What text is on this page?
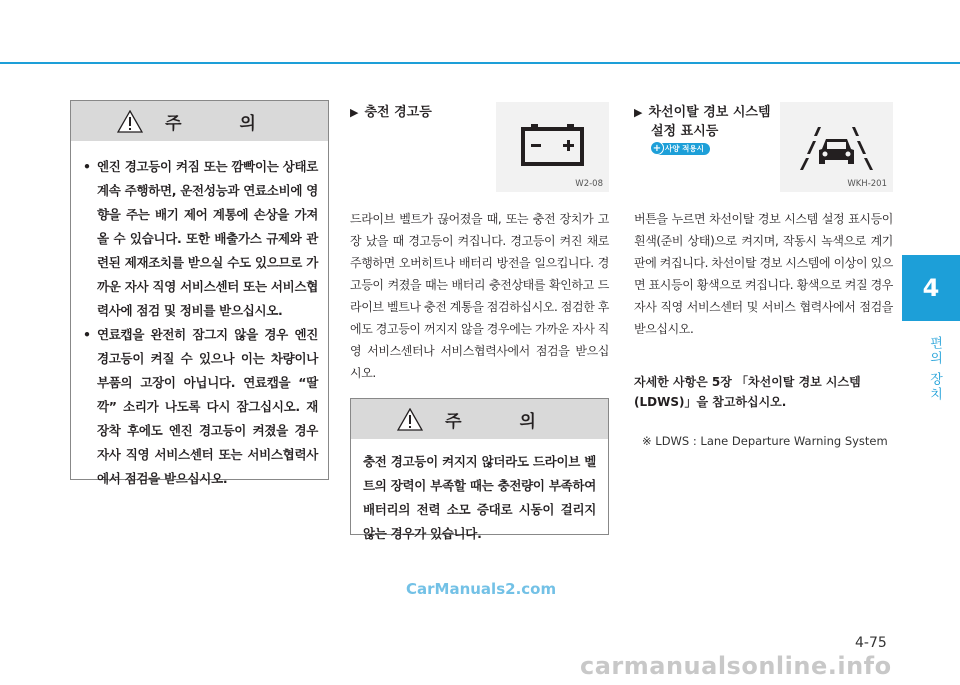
주 의
• 엔진 경고등이 켜짐 또는 깜빡이는 상태로 계속 주행하면, 운전성능과 연료소비에 영향을 주는 배기 제어 계통에 손상을 가져올 수 있습니다. 또한 배출가스 규제와 관련된 제재조치를 받으실 수도 있으므로 가까운 자사 직영 서비스센터 또는 서비스협력사에 점검 및 정비를 받으십시오.
• 연료캡을 완전히 잠그지 않을 경우 엔진 경고등이 켜질 수 있으나 이는 차량이나 부품의 고장이 아닙니다. 연료캡을 “딸깍” 소리가 나도록 다시 잠그십시오. 재 장착 후에도 엔진 경고등이 켜졌을 경우 자사 직영 서비스센터 또는 서비스협력사에서 점검을 받으십시오.
▶ 충전 경고등
W2-08
드라이브 벨트가 끊어졌을 때, 또는 충전 장치가 고장 났을 때 경고등이 켜집니다. 경고등이 켜진 채로 주행하면 오버히트나 배터리 방전을 일으킵니다. 경고등이 켜졌을 때는 배터리 충전상태를 확인하고 드라이브 벨트나 충전 계통을 점검하십시오. 점검한 후에도 경고등이 꺼지지 않을 경우에는 가까운 자사 직영 서비스센터나 서비스협력사에서 점검을 받으십시오.
주 의
충전 경고등이 켜지지 않더라도 드라이브 벨트의 장력이 부족할 때는 충전량이 부족하여 배터리의 전력 소모 증대로 시동이 걸리지 않는 경우가 있습니다.
▶ 차선이탈 경보 시스템
설정 표시등
+ 사양 적용시
WKH-201
버튼을 누르면 차선이탈 경보 시스템 설정 표시등이 흰색(준비 상태)으로 켜지며, 작동시 녹색으로 계기판에 켜집니다. 차선이탈 경보 시스템에 이상이 있으면 표시등이 황색으로 켜집니다. 황색으로 켜질 경우 자사 직영 서비스센터 및 서비스 협력사에서 점검을 받으십시오.
자세한 사항은 5장 「차선이탈 경보 시스템(LDWS)」을 참고하십시오.
※ LDWS : Lane Departure Warning System
4
편의 장치
4-75
CarManuals2.com
carmanualsonline.info
